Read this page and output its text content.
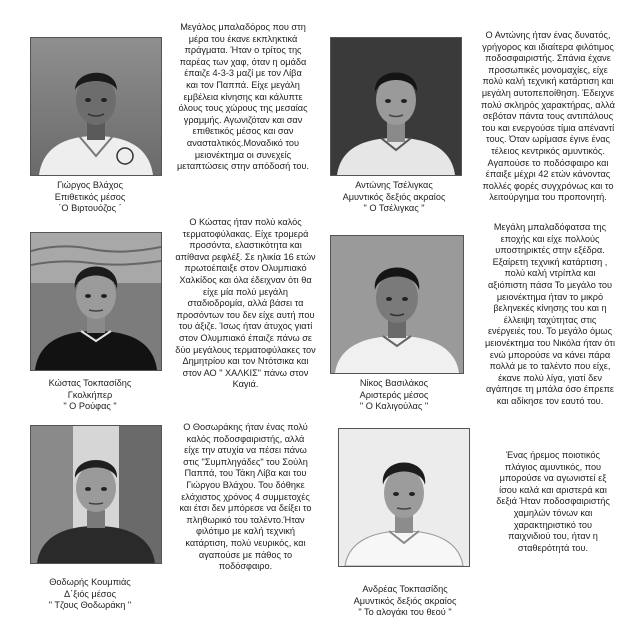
Μεγάλος μπαλαδόρος που στη
μέρα του έκανε εκπληκτικά
πράγματα. Ήταν ο τρίτος της
παρέας των χαφ, όταν η ομάδα
έπαιζε 4-3-3 μαζί με τον Λίβα
και τον Παππά. Είχε μεγάλη
εμβέλεια κίνησης και κάλυπτε
όλους τους χώρους της μεσαίας
γραμμής. Αγωνιζόταν και σαν
επιθετικός μέσος και σαν
ανασταλτικός.Μοναδικό του
μειονέκτημα οι συνεχείς
μεταπτώσεις στην απόδοσή του.
Γιώργος Βλάχος
Επιθετικός μέσος
΄Ο Βιρτουόζος ΄
Ο Αντώνης ήταν ένας δυνατός,
γρήγορος και ιδιαίτερα φιλότιμος
ποδοσφαιριστής. Σπάνια έχανε
προσωπικές μονομαχίες, είχε
πολύ καλή τεχνική κατάρτιση και
μεγάλη αυτοπεποίθηση. Έδειχνε
πολύ σκληρός χαρακτήρας, αλλά
σεβόταν πάντα τους αντιπάλους
του και ενεργούσε τίμια απέναντί
τους. Όταν ωρίμασε έγινε ένας
τέλειος κεντρικός αμυντικός.
Αγαπούσε το ποδόσφαιρο και
έπαιξε μέχρι 42 ετών κάνοντας
πολλές φορές συγχρόνως και το
λειτούργημα του προπονητή.
Αντώνης Τσέλιγκας
Αμυντικός δεξιός ακραίος
" Ο Τσέλιγκας "
Ο Κώστας ήταν πολύ καλός
τερματοφύλακας. Είχε τρομερά
προσόντα, ελαστικότητα και
απίθανα ρεφλέξ. Σε ηλικία 16 ετών
πρωτοέπαιξε στον Ολυμπιακό
Χαλκίδος και όλα έδειχναν ότι θα
είχε μία πολύ μεγάλη
σταδιοδρομία, αλλά βάσει τα
προσόντων του δεν είχε αυτή που
του άξιζε. Ίσως ήταν άτυχος γιατί
στον Ολυμπιακό έπαιζε πάνω σε
δύο μεγάλους τερματοφύλακες τον
Δημητρίου και τον Ντότσικα και
στον ΑΟ " ΧΑΛΚΙΣ" πάνω στον
Καγιά.
Κώστας Τοκπασίδης
Γκολκήπερ
" Ο Ρούφας "
Μεγάλη μπαλαδόφατσα της
εποχής και είχε πολλούς
υποστηρικτές στην εξέδρα.
Εξαίρετη τεχνική κατάρτιση ,
πολύ καλή ντρίπλα και
αξιόπιστη πάσα Το μεγάλο του
μειονέκτημα ήταν το μικρό
βεληνεκές κίνησης του και η
έλλειψη ταχύτητας στις
ενέργειές του. Το μεγάλο όμως
μειονέκτημα του Νικόλα ήταν ότι
ενώ μπορούσε να κάνει πάρα
πολλά με το ταλέντο που είχε,
έκανε πολύ λίγα, γιατί δεν
αγάπησε τη μπάλα όσο έπρεπε
και αδίκησε τον εαυτό του.
Νίκος Βασιλάκος
Αριστερός μέσος
" Ο Καλιγούλας "
Ο Θοσωράκης ήταν ένας πολύ
καλός ποδοσφαιριστής, αλλά
είχε την ατυχία να πέσει πάνω
στις "Συμπληγάδες" του Σούλη
Παππά, του Τάκη Λίβα και του
Γιώργου Βλάχου. Του δόθηκε
ελάχιστος χρόνος 4 συμμετοχές
και έτσι δεν μπόρεσε να δείξει το
πληθωρικό του ταλέντο.Ήταν
φιλότιμο με καλή τεχνική
κατάρτιση, πολύ νευρικός, και
αγαπούσε με πάθος το
ποδόσφαιρο.
Θοδωρής Κουμπιάς
Δ΄ξιός μέσος
" Τζους Θοδωράκη "
Ένας ήρεμος ποιοτικός
πλάγιος αμυντικός, που
μπορούσε να αγωνιστεί εξ
ίσου καλά και αριστερά και
δεξιά Ήταν ποδοσφαιριστής
χαμηλών τόνων και
χαρακτηριστικό του
παιχνιδιού του, ήταν η
σταθερότητά του.
Ανδρέας Τοκπασίδης
Αμυντικός δεξιός ακραίος
" Το αλογάκι του θεού "
